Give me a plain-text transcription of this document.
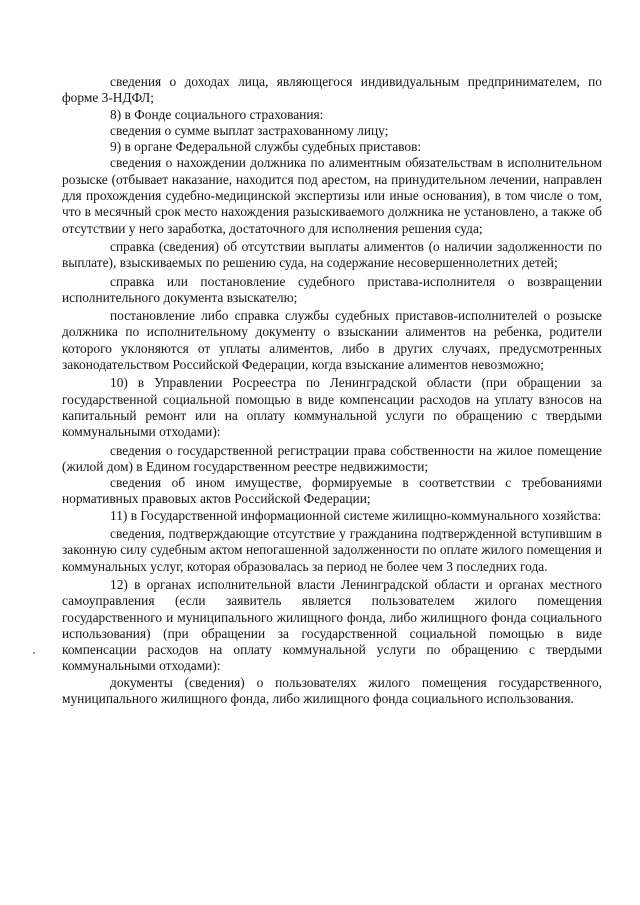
сведения о доходах лица, являющегося индивидуальным предпринимателем, по форме 3-НДФЛ;

8) в Фонде социального страхования:

сведения о сумме выплат застрахованному лицу;

9) в органе Федеральной службы судебных приставов:

сведения о нахождении должника по алиментным обязательствам в исполнительном розыске (отбывает наказание, находится под арестом, на принудительном лечении, направлен для прохождения судебно-медицинской экспертизы или иные основания), в том числе о том, что в месячный срок место нахождения разыскиваемого должника не установлено, а также об отсутствии у него заработка, достаточного для исполнения решения суда;

справка (сведения) об отсутствии выплаты алиментов (о наличии задолженности по выплате), взыскиваемых по решению суда, на содержание несовершеннолетних детей;

справка или постановление судебного пристава-исполнителя о возвращении исполнительного документа взыскателю;

постановление либо справка службы судебных приставов-исполнителей о розыске должника по исполнительному документу о взыскании алиментов на ребенка, родители которого уклоняются от уплаты алиментов, либо в других случаях, предусмотренных законодательством Российской Федерации, когда взыскание алиментов невозможно;

10) в Управлении Росреестра по Ленинградской области (при обращении за государственной социальной помощью в виде компенсации расходов на уплату взносов на капитальный ремонт или на оплату коммунальной услуги по обращению с твердыми коммунальными отходами):

сведения о государственной регистрации права собственности на жилое помещение (жилой дом) в Едином государственном реестре недвижимости;

сведения об ином имуществе, формируемые в соответствии с требованиями нормативных правовых актов Российской Федерации;

11) в Государственной информационной системе жилищно-коммунального хозяйства:

сведения, подтверждающие отсутствие у гражданина подтвержденной вступившим в законную силу судебным актом непогашенной задолженности по оплате жилого помещения и коммунальных услуг, которая образовалась за период не более чем 3 последних года.

12) в органах исполнительной власти Ленинградской области и органах местного самоуправления (если заявитель является пользователем жилого помещения государственного и муниципального жилищного фонда, либо жилищного фонда социального использования) (при обращении за государственной социальной помощью в виде компенсации расходов на оплату коммунальной услуги по обращению с твердыми коммунальными отходами):

документы (сведения) о пользователях жилого помещения государственного, муниципального жилищного фонда, либо жилищного фонда социального использования.
